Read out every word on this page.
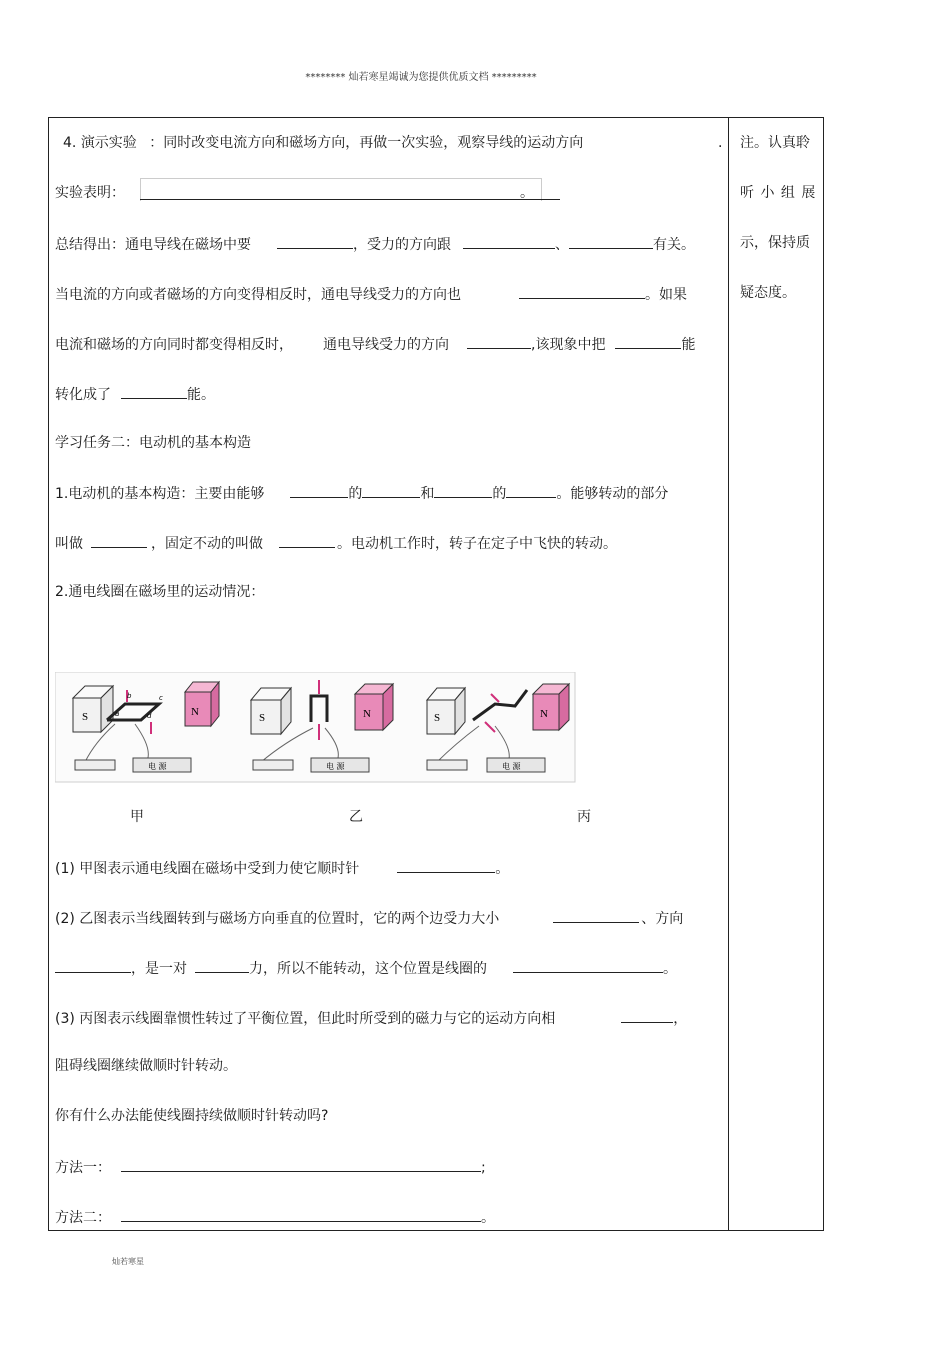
******** 灿若寒星竭诚为您提供优质文档 *********
注。认真聆
听 小 组 展
示，保持质
疑态度。
4. 演示实验 ：同时改变电流方向和磁场方向，再做一次实验，观察导线的运动方向	.
实验表明：	。
总结得出：通电导线在磁场中要	，受力的方向跟	、	有关。
当电流的方向或者磁场的方向变得相反时，通电导线受力的方向也	。如果
电流和磁场的方向同时都变得相反时， 通电导线受力的方向	,该现象中把	能
转化成了	能。
学习任务二：电动机的基本构造
1.电动机的基本构造：主要由能够	的	和	的	。能够转动的部分
叫做	，固定不动的叫做	。电动机工作时，转子在定子中飞快的转动。
2.通电线圈在磁场里的运动情况：
S	N
电 源
S	N
电 源
S	N
电 源
a
b	c
d
甲	乙	丙
(1) 甲图表示通电线圈在磁场中受到力使它顺时针	。
(2) 乙图表示当线圈转到与磁场方向垂直的位置时，它的两个边受力大小	、方向
，是一对	力，所以不能转动，这个位置是线圈的	。
(3) 丙图表示线圈靠惯性转过了平衡位置，但此时所受到的磁力与它的运动方向相	，
阻碍线圈继续做顺时针转动。
你有什么办法能使线圈持续做顺时针转动吗?
方法一：	;
方法二：	。
灿若寒星
